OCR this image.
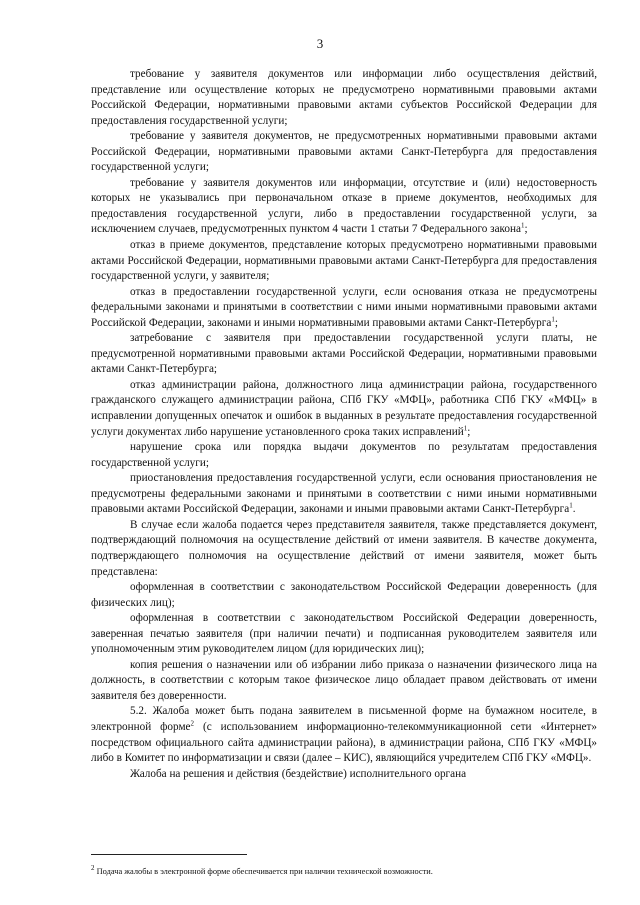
3

требование у заявителя документов или информации либо осуществления действий, представление или осуществление которых не предусмотрено нормативными правовыми актами Российской Федерации, нормативными правовыми актами субъектов Российской Федерации для предоставления государственной услуги;

требование у заявителя документов, не предусмотренных нормативными правовыми актами Российской Федерации, нормативными правовыми актами Санкт-Петербурга для предоставления государственной услуги;

требование у заявителя документов или информации, отсутствие и (или) недостоверность которых не указывались при первоначальном отказе в приеме документов, необходимых для предоставления государственной услуги, либо в предоставлении государственной услуги, за исключением случаев, предусмотренных пунктом 4 части 1 статьи 7 Федерального закона$^1$;

отказ в приеме документов, представление которых предусмотрено нормативными правовыми актами Российской Федерации, нормативными правовыми актами Санкт-Петербурга для предоставления государственной услуги, у заявителя;

отказ в предоставлении государственной услуги, если основания отказа не предусмотрены федеральными законами и принятыми в соответствии с ними иными нормативными правовыми актами Российской Федерации, законами и иными нормативными правовыми актами Санкт-Петербурга$^1$;

затребование с заявителя при предоставлении государственной услуги платы, не предусмотренной нормативными правовыми актами Российской Федерации, нормативными правовыми актами Санкт-Петербурга;

отказ администрации района, должностного лица администрации района, государственного гражданского служащего администрации района, СПб ГКУ «МФЦ», работника СПб ГКУ «МФЦ» в исправлении допущенных опечаток и ошибок в выданных в результате предоставления государственной услуги документах либо нарушение установленного срока таких исправлений$^1$;

нарушение срока или порядка выдачи документов по результатам предоставления государственной услуги;

приостановления предоставления государственной услуги, если основания приостановления не предусмотрены федеральными законами и принятыми в соответствии с ними иными нормативными правовыми актами Российской Федерации, законами и иными правовыми актами Санкт-Петербурга$^1$.

В случае если жалоба подается через представителя заявителя, также представляется документ, подтверждающий полномочия на осуществление действий от имени заявителя. В качестве документа, подтверждающего полномочия на осуществление действий от имени заявителя, может быть представлена:

оформленная в соответствии с законодательством Российской Федерации доверенность (для физических лиц);

оформленная в соответствии с законодательством Российской Федерации доверенность, заверенная печатью заявителя (при наличии печати) и подписанная руководителем заявителя или уполномоченным этим руководителем лицом (для юридических лиц);

копия решения о назначении или об избрании либо приказа о назначении физического лица на должность, в соответствии с которым такое физическое лицо обладает правом действовать от имени заявителя без доверенности.

5.2. Жалоба может быть подана заявителем в письменной форме на бумажном носителе, в электронной форме$^2$ (с использованием информационно-телекоммуникационной сети «Интернет» посредством официального сайта администрации района), в администрации района, СПб ГКУ «МФЦ» либо в Комитет по информатизации и связи (далее – КИС), являющийся учредителем СПб ГКУ «МФЦ».

Жалоба на решения и действия (бездействие) исполнительного органа

$^2$ Подача жалобы в электронной форме обеспечивается при наличии технической возможности.
